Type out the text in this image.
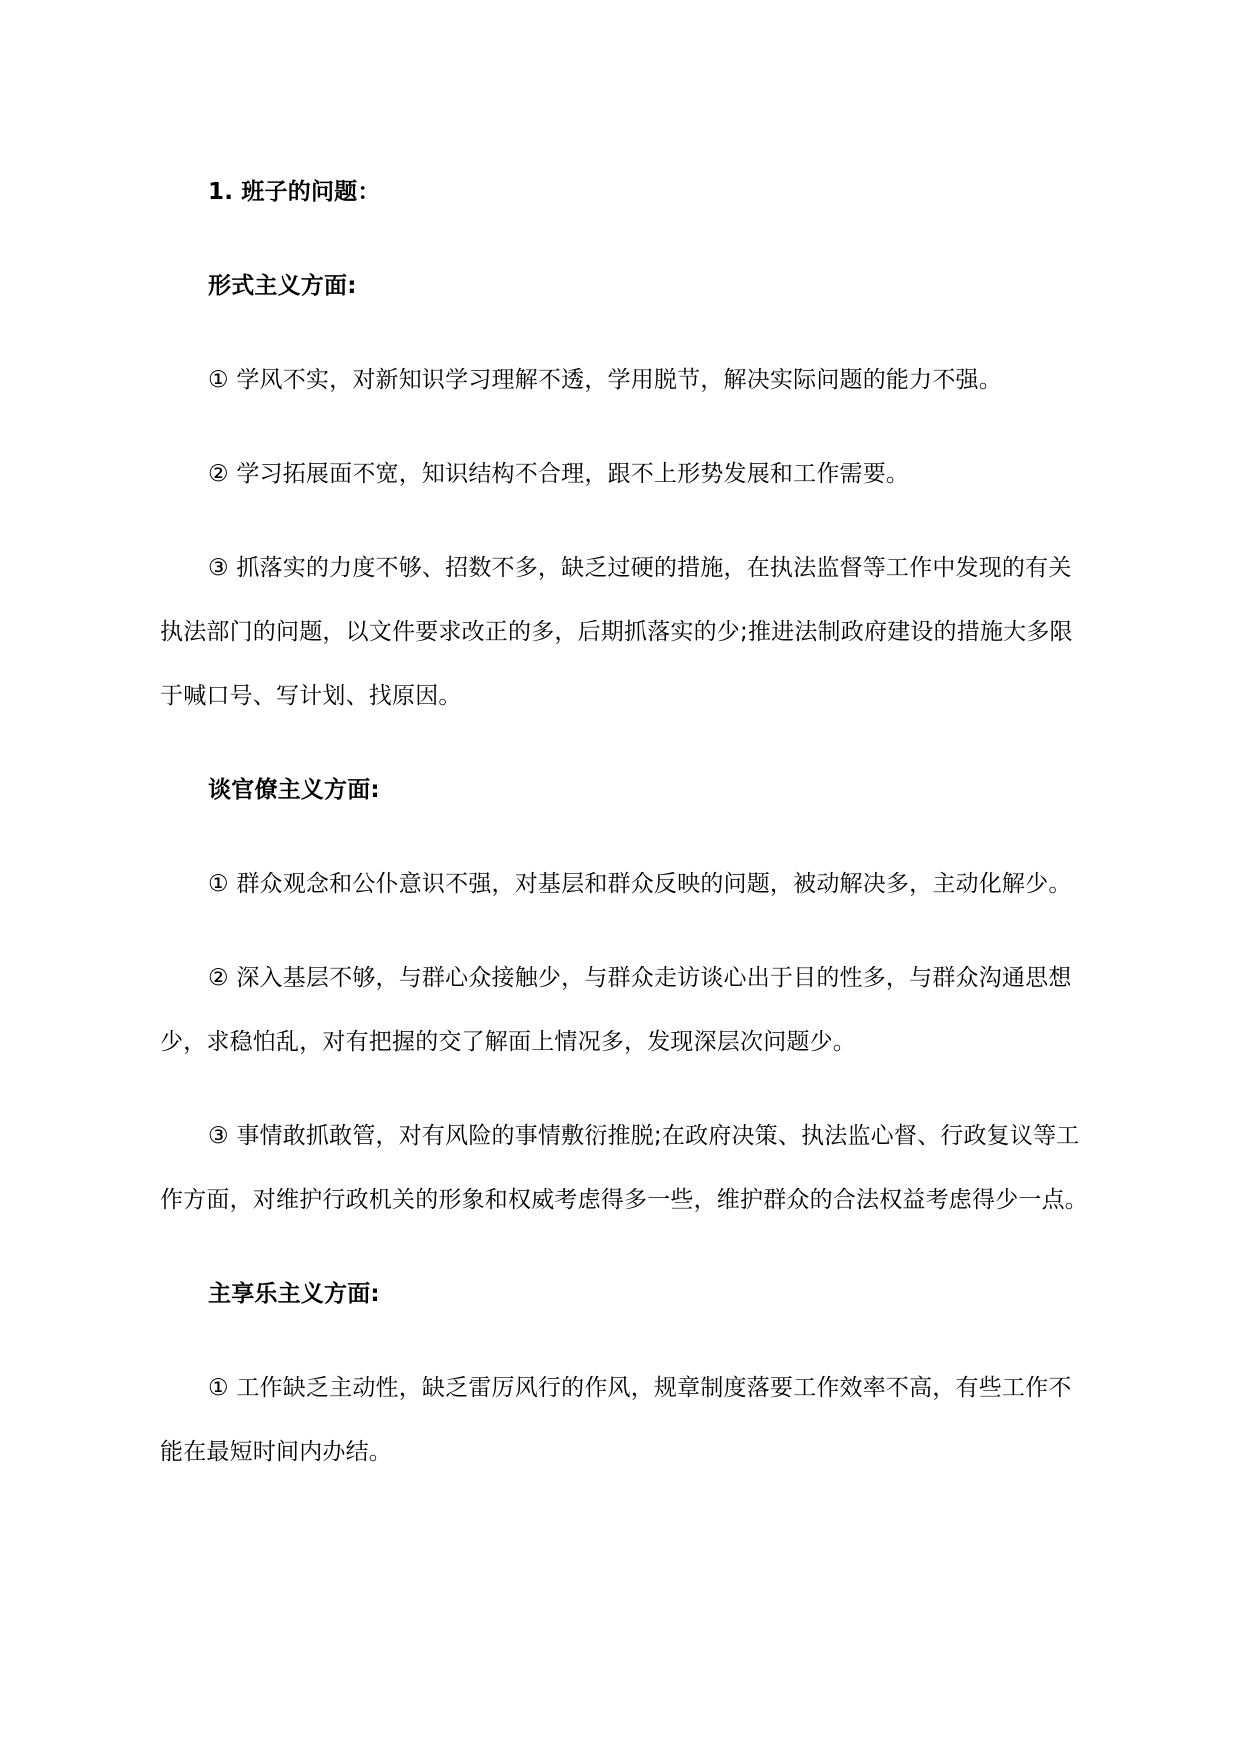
1. 班子的问题：

形式主义方面:

① 学风不实，对新知识学习理解不透，学用脱节，解决实际问题的能力不强。

② 学习拓展面不宽，知识结构不合理，跟不上形势发展和工作需要。

③ 抓落实的力度不够、招数不多，缺乏过硬的措施，在执法监督等工作中发现的有关执法部门的问题，以文件要求改正的多，后期抓落实的少;推进法制政府建设的措施大多限于喊口号、写计划、找原因。

谈官僚主义方面:

① 群众观念和公仆意识不强，对基层和群众反映的问题，被动解决多，主动化解少。

② 深入基层不够，与群心众接触少，与群众走访谈心出于目的性多，与群众沟通思想少，求稳怕乱，对有把握的交了解面上情况多，发现深层次问题少。

③ 事情敢抓敢管，对有风险的事情敷衍推脱;在政府决策、执法监心督、行政复议等工作方面，对维护行政机关的形象和权威考虑得多一些，维护群众的合法权益考虑得少一点。

主享乐主义方面:

① 工作缺乏主动性，缺乏雷厉风行的作风，规章制度落要工作效率不高，有些工作不能在最短时间内办结。
